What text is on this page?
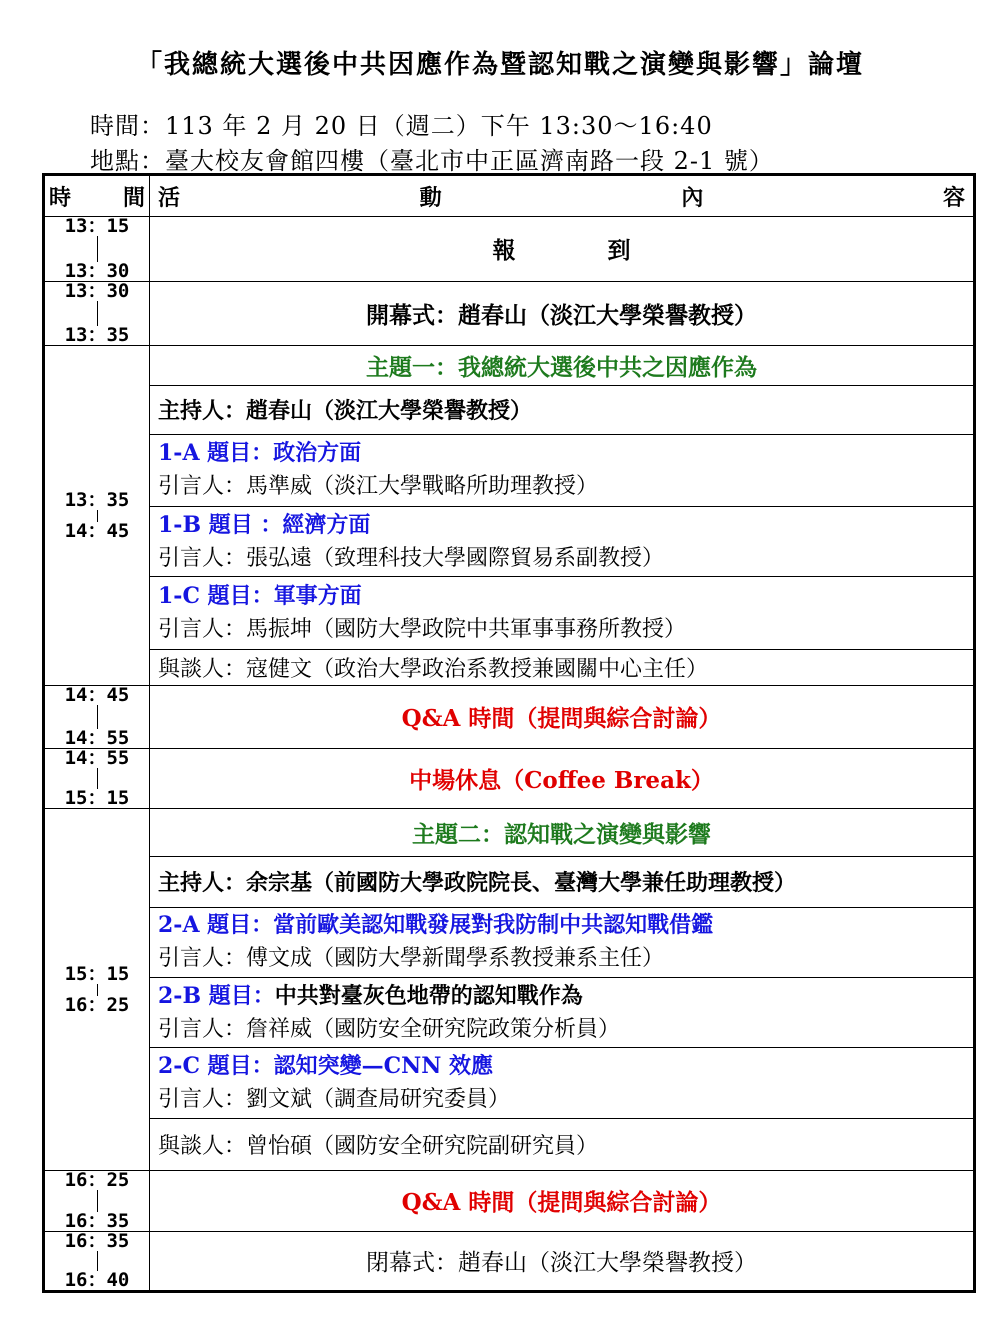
「我總統大選後中共因應作為暨認知戰之演變與影響」論壇
時間：113 年 2 月 20 日（週二）下午 13:30～16:40
地點：臺大校友會館四樓（臺北市中正區濟南路一段 2-1 號）
時 間	活 動 內 容

13：15
13：30	報　　　　到

13：30
13：35	開幕式：趙春山（淡江大學榮譽教授）

13：35
14：45	主題一：我總統大選後中共之因應作為
	主持人：趙春山（淡江大學榮譽教授）

	1-A 題目：政治方面
引言人：馬準威（淡江大學戰略所助理教授）

	1-B 題目 ：經濟方面
引言人：張弘遠（致理科技大學國際貿易系副教授）

	1-C 題目：軍事方面
引言人：馬振坤（國防大學政院中共軍事事務所教授）

	與談人：寇健文（政治大學政治系教授兼國關中心主任）

14：45
14：55	Q&A 時間（提問與綜合討論）

14：55
15：15	中場休息（Coffee Break）

15：15
16：25	主題二：認知戰之演變與影響
	主持人：余宗基（前國防大學政院院長、臺灣大學兼任助理教授）

	2-A 題目：當前歐美認知戰發展對我防制中共認知戰借鑑
引言人：傅文成（國防大學新聞學系教授兼系主任）

	2-B 題目：中共對臺灰色地帶的認知戰作為
引言人：詹祥威（國防安全研究院政策分析員）

	2-C 題目：認知突變—CNN 效應
引言人：劉文斌（調查局研究委員）

	與談人：曾怡碩（國防安全研究院副研究員）

16：25
16：35	Q&A 時間（提問與綜合討論）

16：35
16：40	閉幕式：趙春山（淡江大學榮譽教授）
